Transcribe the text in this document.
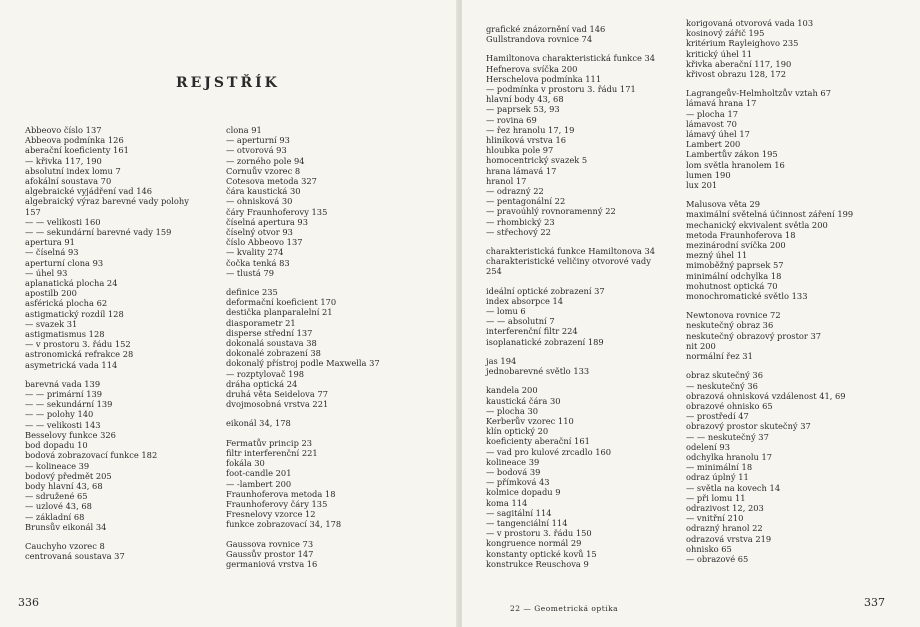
REJSTŘÍK
Abbeovo číslo 137
Abbeova podmínka 126
aberační koeficienty 161
— křivka 117, 190
absolutní index lomu 7
afokální soustava 70
algebraické vyjádření vad 146
algebraický výraz barevné vady polohy
157
— — velikosti 160
— — sekundární barevné vady 159
apertura 91
— číselná 93
aperturní clona 93
— úhel 93
aplanatická plocha 24
apostilb 200
asférická plocha 62
astigmatický rozdíl 128
— svazek 31
astigmatismus 128
— v prostoru 3. řádu 152
astronomická refrakce 28
asymetrická vada 114
barevná vada 139
— — primární 139
— — sekundární 139
— — polohy 140
— — velikosti 143
Besselovy funkce 326
bod dopadu 10
bodová zobrazovací funkce 182
— kolineace 39
bodový předmět 205
body hlavní 43, 68
— sdružené 65
— uzlové 43, 68
— základní 68
Brunsův eikonál 34
Cauchyho vzorec 8
centrovaná soustava 37
clona 91
— aperturní 93
— otvorová 93
— zorného pole 94
Cornuův vzorec 8
Cotesova metoda 327
čára kaustická 30
— ohnisková 30
čáry Fraunhoferovy 135
číselná apertura 93
číselný otvor 93
číslo Abbeovo 137
— kvality 274
čočka tenká 83
— tlustá 79
definice 235
deformační koeficient 170
destička planparalelní 21
diasporametr 21
disperse střední 137
dokonalá soustava 38
dokonalé zobrazení 38
dokonalý přístroj podle Maxwella 37
— rozptylovač 198
dráha optická 24
druhá věta Seidelova 77
dvojmosobná vrstva 221
eikonál 34, 178
Fermatův princip 23
filtr interferenční 221
fokála 30
foot-candle 201
— -lambert 200
Fraunhoferova metoda 18
Fraunhoferovy čáry 135
Fresnelovy vzorce 12
funkce zobrazovací 34, 178
Gaussova rovnice 73
Gaussův prostor 147
germaniová vrstva 16
grafické znázornění vad 146
Gullstrandova rovnice 74
Hamiltonova charakteristická funkce 34
Hefnerova svíčka 200
Herschelova podmínka 111
— podmínka v prostoru 3. řádu 171
hlavní body 43, 68
— paprsek 53, 93
— rovina 69
— řez hranolu 17, 19
hliníková vrstva 16
hloubka pole 97
homocentrický svazek 5
hrana lámavá 17
hranol 17
— odrazný 22
— pentagonální 22
— pravoúhlý rovnoramenný 22
— rhombický 23
— střechový 22
charakteristická funkce Hamiltonova 34
charakteristické veličiny otvorové vady
254
ideální optické zobrazení 37
index absorpce 14
— lomu 6
— — absolutní 7
interferenční filtr 224
isoplanatické zobrazení 189
jas 194
jednobarevné světlo 133
kandela 200
kaustická čára 30
— plocha 30
Kerberův vzorec 110
klín optický 20
koeficienty aberační 161
— vad pro kulové zrcadlo 160
kolineace 39
— bodová 39
— přímková 43
kolmice dopadu 9
koma 114
— sagitální 114
— tangenciální 114
— v prostoru 3. řádu 150
kongruence normál 29
konstanty optické kovů 15
konstrukce Reuschova 9
korigovaná otvorová vada 103
kosinový zářič 195
kritérium Rayleighovo 235
kritický úhel 11
křivka aberační 117, 190
křivost obrazu 128, 172
Lagrangeův-Helmholtzův vztah 67
lámavá hrana 17
— plocha 17
lámavost 70
lámavý úhel 17
Lambert 200
Lambertův zákon 195
lom světla hranolem 16
lumen 190
lux 201
Malusova věta 29
maximální světelná účinnost záření 199
mechanický ekvivalent světla 200
metoda Fraunhoferova 18
mezinárodní svíčka 200
mezný úhel 11
mimoběžný paprsek 57
minimální odchylka 18
mohutnost optická 70
monochromatické světlo 133
Newtonova rovnice 72
neskutečný obraz 36
neskutečný obrazový prostor 37
nit 200
normální řez 31
obraz skutečný 36
— neskutečný 36
obrazová ohnisková vzdálenost 41, 69
obrazové ohnisko 65
— prostředí 47
obrazový prostor skutečný 37
— — neskutečný 37
odelení 93
odchylka hranolu 17
— minimální 18
odraz úplný 11
— světla na kovech 14
— při lomu 11
odrazivost 12, 203
— vnitřní 210
odrazný hranol 22
odrazová vrstva 219
ohnisko 65
— obrazové 65

336	337

22 — Geometrická optika
